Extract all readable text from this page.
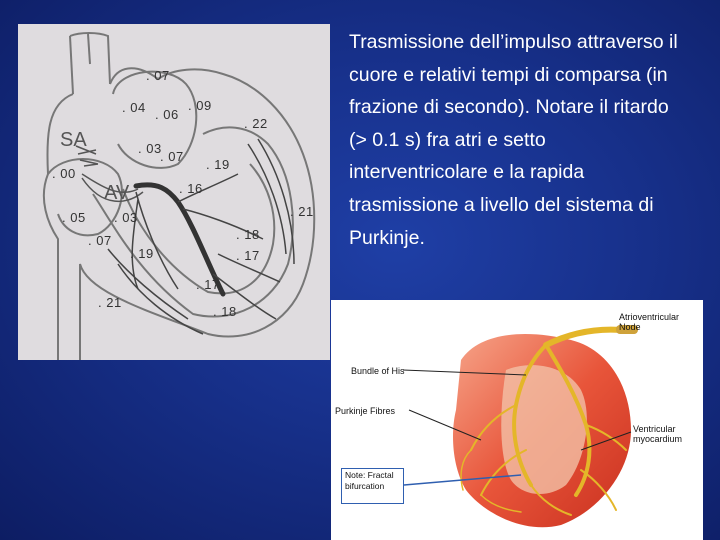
SA
AV
. 07
. 04 . 06
. 09
. 22
. 03
. 07
. 19
. 00
. 16
. 05 . 03	. 21
. 07	. 18
. 19	. 17
. 17
. 21
. 18
Trasmissione dell’impulso attraverso il cuore e relativi tempi di comparsa (in frazione di secondo). Notare il ritardo (> 0.1 s) fra atri e setto interventricolare e la rapida trasmissione a livello del sistema di Purkinje.
Atrioventricular Node
Bundle of His
Purkinje Fibres
Ventricular myocardium
Note: Fractal bifurcation
